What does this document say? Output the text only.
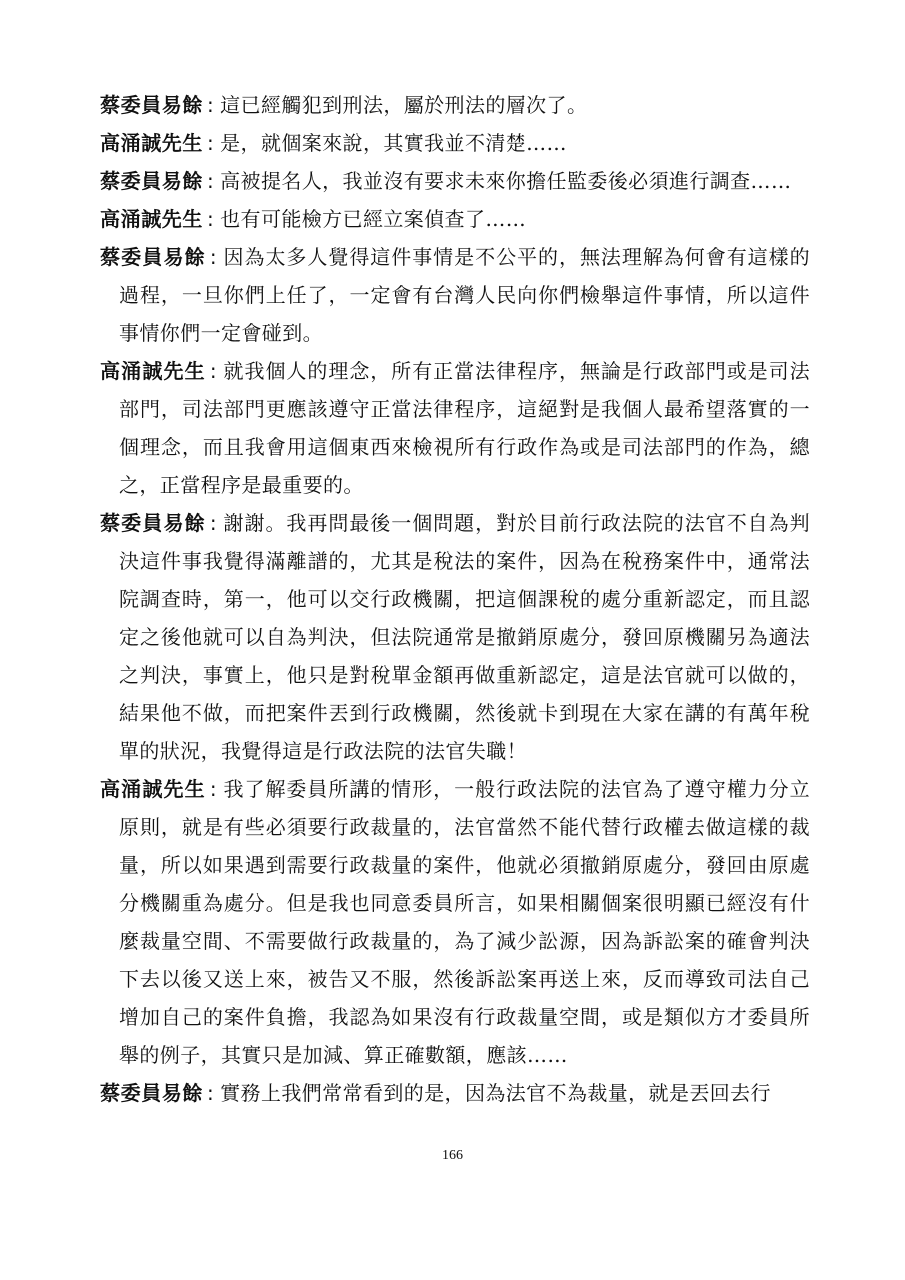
蔡委員易餘 : 這已經觸犯到刑法，屬於刑法的層次了。

高涌誠先生 : 是，就個案來說，其實我並不清楚……

蔡委員易餘 : 高被提名人，我並沒有要求未來你擔任監委後必須進行調查……

高涌誠先生 : 也有可能檢方已經立案偵查了……

蔡委員易餘 : 因為太多人覺得這件事情是不公平的，無法理解為何會有這樣的過程，一旦你們上任了，一定會有台灣人民向你們檢舉這件事情，所以這件事情你們一定會碰到。

高涌誠先生 : 就我個人的理念，所有正當法律程序，無論是行政部門或是司法部門，司法部門更應該遵守正當法律程序，這絕對是我個人最希望落實的一個理念，而且我會用這個東西來檢視所有行政作為或是司法部門的作為，總之，正當程序是最重要的。

蔡委員易餘 : 謝謝。我再問最後一個問題，對於目前行政法院的法官不自為判決這件事我覺得滿離譜的，尤其是稅法的案件，因為在稅務案件中，通常法院調查時，第一，他可以交行政機關，把這個課稅的處分重新認定，而且認定之後他就可以自為判決，但法院通常是撤銷原處分，發回原機關另為適法之判決，事實上，他只是對稅單金額再做重新認定，這是法官就可以做的，結果他不做，而把案件丟到行政機關，然後就卡到現在大家在講的有萬年稅單的狀況，我覺得這是行政法院的法官失職！

高涌誠先生 : 我了解委員所講的情形，一般行政法院的法官為了遵守權力分立原則，就是有些必須要行政裁量的，法官當然不能代替行政權去做這樣的裁量，所以如果遇到需要行政裁量的案件，他就必須撤銷原處分，發回由原處分機關重為處分。但是我也同意委員所言，如果相關個案很明顯已經沒有什麼裁量空間、不需要做行政裁量的，為了減少訟源，因為訴訟案的確會判決下去以後又送上來，被告又不服，然後訴訟案再送上來，反而導致司法自己增加自己的案件負擔，我認為如果沒有行政裁量空間，或是類似方才委員所舉的例子，其實只是加減、算正確數額，應該……

蔡委員易餘 : 實務上我們常常看到的是，因為法官不為裁量，就是丟回去行

166
